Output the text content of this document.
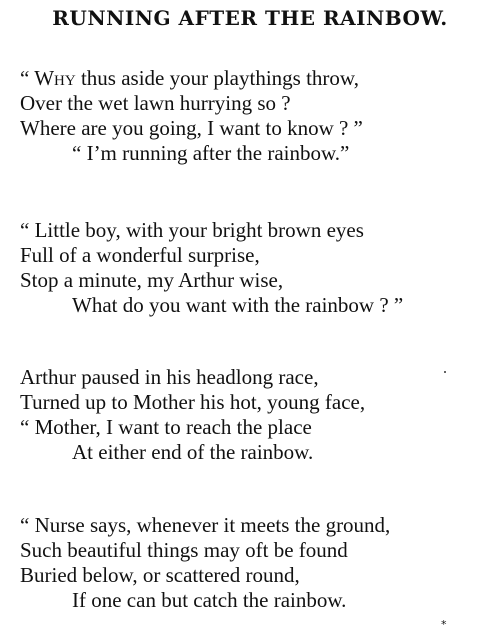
RUNNING AFTER THE RAINBOW.
“ Why thus aside your playthings throw,
Over the wet lawn hurrying so ?
Where are you going, I want to know ? ”
“ I’m running after the rainbow.”
“ Little boy, with your bright brown eyes
Full of a wonderful surprise,
Stop a minute, my Arthur wise,
What do you want with the rainbow ? ”
Arthur paused in his headlong race,
Turned up to Mother his hot, young face,
“ Mother, I want to reach the place
At either end of the rainbow.
“ Nurse says, whenever it meets the ground,
Such beautiful things may oft be found
Buried below, or scattered round,
If one can but catch the rainbow.
*
